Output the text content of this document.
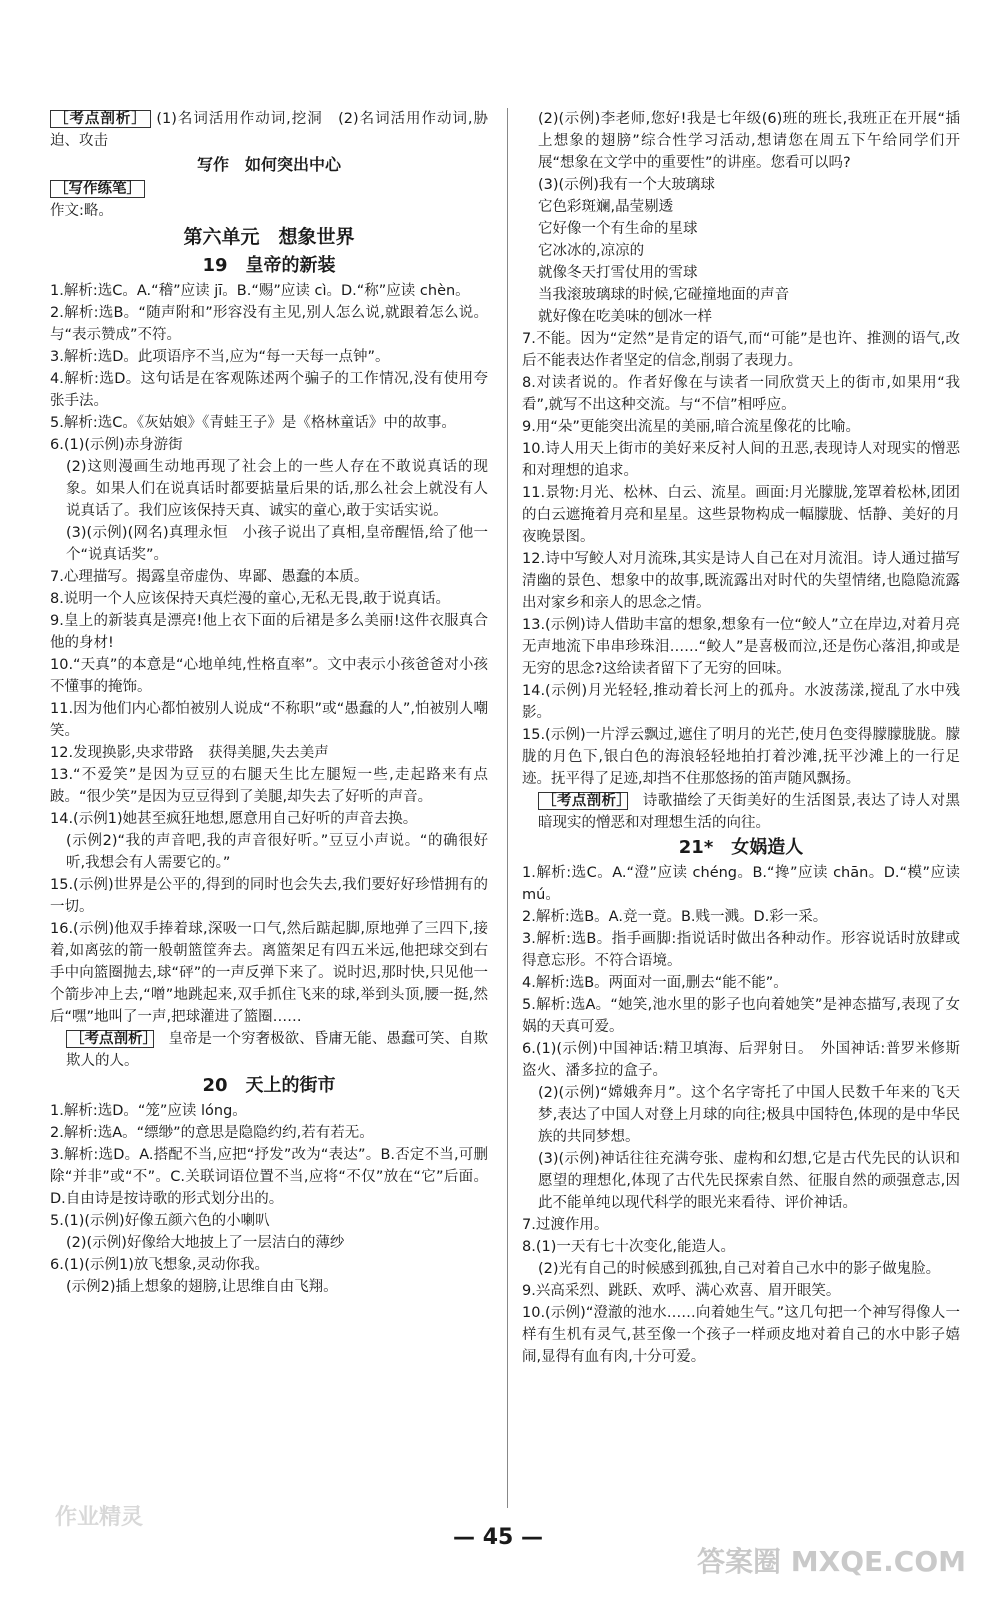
［考点剖析］ (1)名词活用作动词,挖洞　(2)名词活用作动词,胁迫、攻击

写作　如何突出中心

［写作练笔］

作文:略。

第六单元　想象世界
19　皇帝的新装

1.解析:选C。A.“稽”应读 jī。B.“赐”应读 cì。D.“称”应读 chèn。

2.解析:选B。“随声附和”形容没有主见,别人怎么说,就跟着怎么说。与“表示赞成”不符。

3.解析:选D。此项语序不当,应为“每一天每一点钟”。

4.解析:选D。这句话是在客观陈述两个骗子的工作情况,没有使用夸张手法。

5.解析:选C。《灰姑娘》《青蛙王子》是《格林童话》中的故事。

6.(1)(示例)赤身游街

(2)这则漫画生动地再现了社会上的一些人存在不敢说真话的现象。如果人们在说真话时都要掂量后果的话,那么社会上就没有人说真话了。我们应该保持天真、诚实的童心,敢于实话实说。

(3)(示例)(网名)真理永恒　小孩子说出了真相,皇帝醒悟,给了他一个“说真话奖”。

7.心理描写。揭露皇帝虚伪、卑鄙、愚蠢的本质。

8.说明一个人应该保持天真烂漫的童心,无私无畏,敢于说真话。

9.皇上的新装真是漂亮!他上衣下面的后裙是多么美丽!这件衣服真合他的身材!

10.“天真”的本意是“心地单纯,性格直率”。文中表示小孩爸爸对小孩不懂事的掩饰。

11.因为他们内心都怕被别人说成“不称职”或“愚蠢的人”,怕被别人嘲笑。

12.发现换影,央求带路　获得美腿,失去美声

13.“不爱笑”是因为豆豆的右腿天生比左腿短一些,走起路来有点跛。“很少笑”是因为豆豆得到了美腿,却失去了好听的声音。

14.(示例1)她甚至疯狂地想,愿意用自己好听的声音去换。

(示例2)“我的声音吧,我的声音很好听。”豆豆小声说。“的确很好听,我想会有人需要它的。”

15.(示例)世界是公平的,得到的同时也会失去,我们要好好珍惜拥有的一切。

16.(示例)他双手捧着球,深吸一口气,然后踮起脚,原地弹了三四下,接着,如离弦的箭一般朝篮筐奔去。离篮架足有四五米远,他把球交到右手中向篮圈抛去,球“砰”的一声反弹下来了。说时迟,那时快,只见他一个箭步冲上去,“噌”地跳起来,双手抓住飞来的球,举到头顶,腰一挺,然后“嘿”地叫了一声,把球灌进了篮圈……

［考点剖析］　皇帝是一个穷奢极欲、昏庸无能、愚蠢可笑、自欺欺人的人。

20　天上的街市

1.解析:选D。“笼”应读 lóng。

2.解析:选A。“缥缈”的意思是隐隐约约,若有若无。

3.解析:选D。A.搭配不当,应把“抒发”改为“表达”。B.否定不当,可删除“并非”或“不”。C.关联词语位置不当,应将“不仅”放在“它”后面。D.自由诗是按诗歌的形式划分出的。

5.(1)(示例)好像五颜六色的小喇叭

(2)(示例)好像给大地披上了一层洁白的薄纱

6.(1)(示例1)放飞想象,灵动你我。

(示例2)插上想象的翅膀,让思维自由飞翔。

(2)(示例)李老师,您好!我是七年级(6)班的班长,我班正在开展“插上想象的翅膀”综合性学习活动,想请您在周五下午给同学们开展“想象在文学中的重要性”的讲座。您看可以吗?

(3)(示例)我有一个大玻璃球

它色彩斑斓,晶莹剔透

它好像一个有生命的星球

它冰冰的,凉凉的

就像冬天打雪仗用的雪球

当我滚玻璃球的时候,它碰撞地面的声音

就好像在吃美味的刨冰一样

7.不能。因为“定然”是肯定的语气,而“可能”是也许、推测的语气,改后不能表达作者坚定的信念,削弱了表现力。

8.对读者说的。作者好像在与读者一同欣赏天上的街市,如果用“我看”,就写不出这种交流。与“不信”相呼应。

9.用“朵”更能突出流星的美丽,暗合流星像花的比喻。

10.诗人用天上街市的美好来反衬人间的丑恶,表现诗人对现实的憎恶和对理想的追求。

11.景物:月光、松林、白云、流星。画面:月光朦胧,笼罩着松林,团团的白云遮掩着月亮和星星。这些景物构成一幅朦胧、恬静、美好的月夜晚景图。

12.诗中写鲛人对月流珠,其实是诗人自己在对月流泪。诗人通过描写清幽的景色、想象中的故事,既流露出对时代的失望情绪,也隐隐流露出对家乡和亲人的思念之情。

13.(示例)诗人借助丰富的想象,想象有一位“鲛人”立在岸边,对着月亮无声地流下串串珍珠泪……“鲛人”是喜极而泣,还是伤心落泪,抑或是无穷的思念?这给读者留下了无穷的回味。

14.(示例)月光轻轻,推动着长河上的孤舟。水波荡漾,搅乱了水中残影。

15.(示例)一片浮云飘过,遮住了明月的光芒,使月色变得朦朦胧胧。朦胧的月色下,银白色的海浪轻轻地拍打着沙滩,抚平沙滩上的一行足迹。抚平得了足迹,却挡不住那悠扬的笛声随风飘扬。

［考点剖析］　诗歌描绘了天街美好的生活图景,表达了诗人对黑暗现实的憎恶和对理想生活的向往。

21*　女娲造人

1.解析:选C。A.“澄”应读 chéng。B.“搀”应读 chān。D.“模”应读 mú。

2.解析:选B。A.竞一竟。B.贱一溅。D.彩一采。

3.解析:选B。指手画脚:指说话时做出各种动作。形容说话时放肆或得意忘形。不符合语境。

4.解析:选B。两面对一面,删去“能不能”。

5.解析:选A。“她笑,池水里的影子也向着她笑”是神态描写,表现了女娲的天真可爱。

6.(1)(示例)中国神话:精卫填海、后羿射日。　外国神话:普罗米修斯盗火、潘多拉的盒子。

(2)(示例)“嫦娥奔月”。这个名字寄托了中国人民数千年来的飞天梦,表达了中国人对登上月球的向往;极具中国特色,体现的是中华民族的共同梦想。

(3)(示例)神话往往充满夸张、虚构和幻想,它是古代先民的认识和愿望的理想化,体现了古代先民探索自然、征服自然的顽强意志,因此不能单纯以现代科学的眼光来看待、评价神话。

7.过渡作用。

8.(1)一天有七十次变化,能造人。

(2)光有自己的时候感到孤独,自己对着自己水中的影子做鬼脸。

9.兴高采烈、跳跃、欢呼、满心欢喜、眉开眼笑。

10.(示例)“澄澈的池水……向着她生气。”这几句把一个神写得像人一样有生机有灵气,甚至像一个孩子一样顽皮地对着自己的水中影子嬉闹,显得有血有肉,十分可爱。

— 45 —
作业精灵
答案圈 MXQE.COM
